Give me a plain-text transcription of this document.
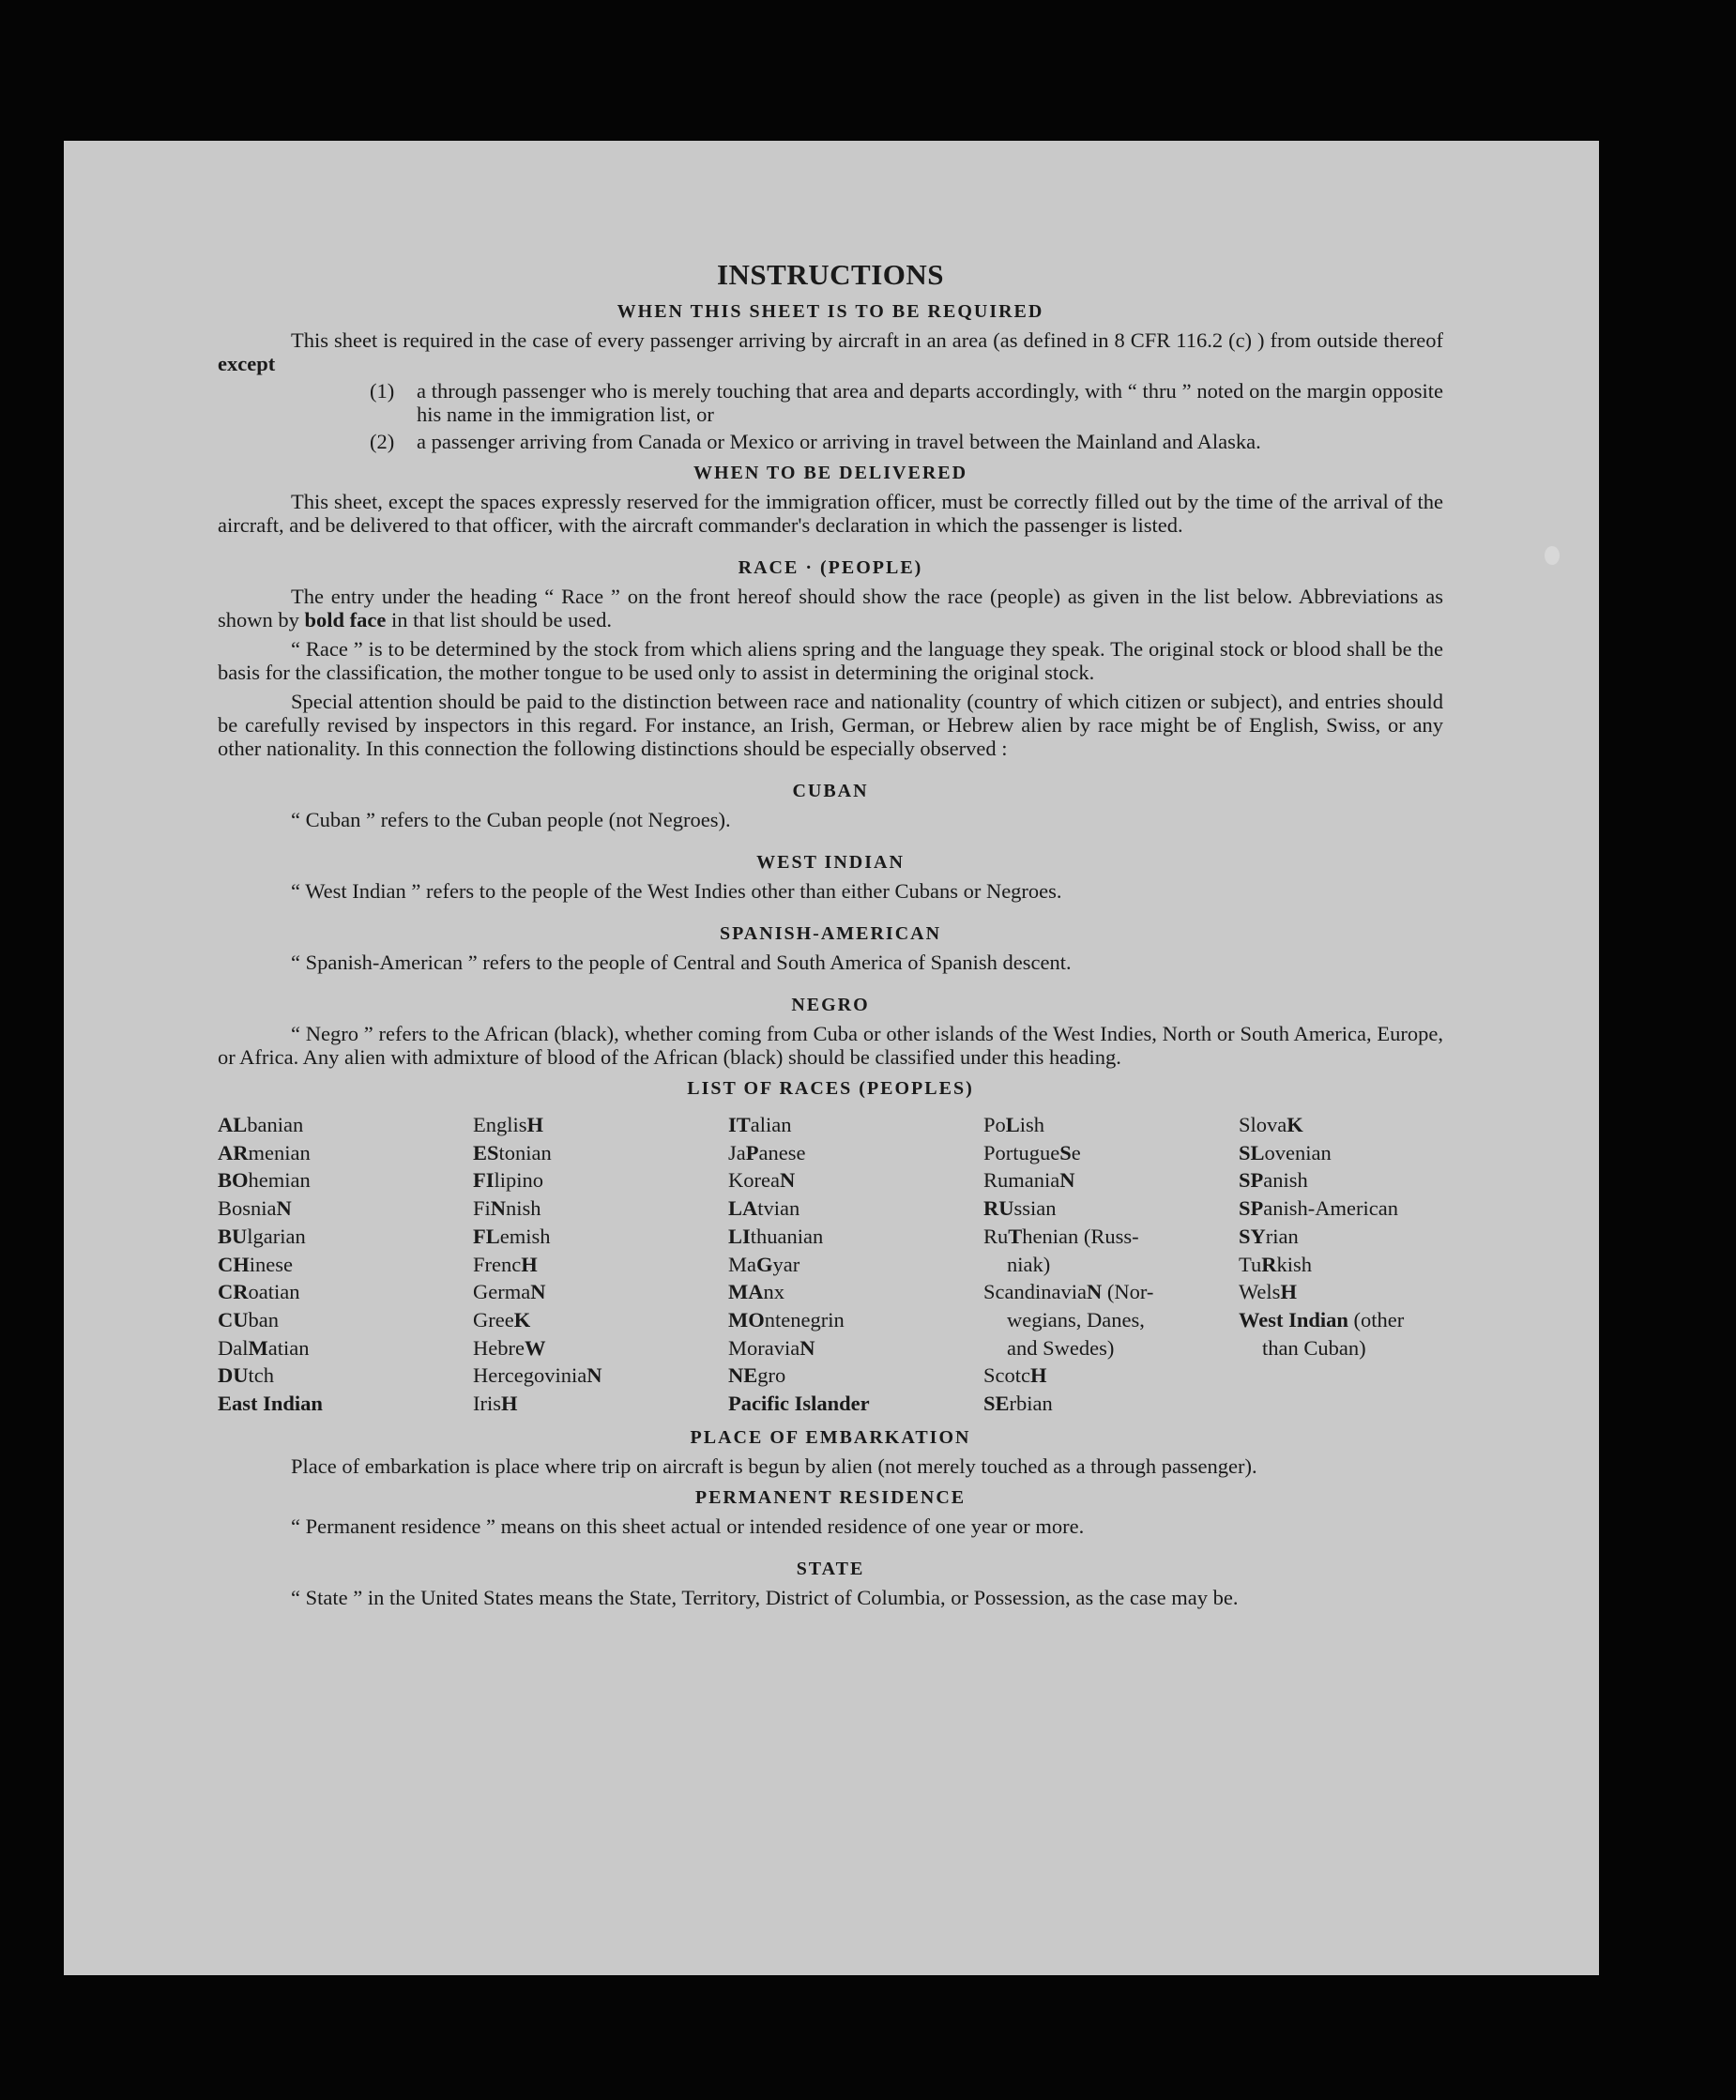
INSTRUCTIONS
WHEN THIS SHEET IS TO BE REQUIRED

This sheet is required in the case of every passenger arriving by aircraft in an area (as defined in 8 CFR 116.2 (c) ) from outside thereof except

(1)	a through passenger who is merely touching that area and departs accordingly, with “ thru ” noted on the margin opposite his name in the immigration list, or
(2)	a passenger arriving from Canada or Mexico or arriving in travel between the Mainland and Alaska.
WHEN TO BE DELIVERED

This sheet, except the spaces expressly reserved for the immigration officer, must be correctly filled out by the time of the arrival of the aircraft, and be delivered to that officer, with the aircraft commander's declaration in which the passenger is listed.

RACE · (PEOPLE)

The entry under the heading “ Race ” on the front hereof should show the race (people) as given in the list below. Abbreviations as shown by bold face in that list should be used.

“ Race ” is to be determined by the stock from which aliens spring and the language they speak. The original stock or blood shall be the basis for the classification, the mother tongue to be used only to assist in determining the original stock.

Special attention should be paid to the distinction between race and nationality (country of which citizen or subject), and entries should be carefully revised by inspectors in this regard. For instance, an Irish, German, or Hebrew alien by race might be of English, Swiss, or any other nationality. In this connection the following distinctions should be especially observed :

CUBAN

“ Cuban ” refers to the Cuban people (not Negroes).

WEST INDIAN

“ West Indian ” refers to the people of the West Indies other than either Cubans or Negroes.

SPANISH-AMERICAN

“ Spanish-American ” refers to the people of Central and South America of Spanish descent.

NEGRO

“ Negro ” refers to the African (black), whether coming from Cuba or other islands of the West Indies, North or South America, Europe, or Africa. Any alien with admixture of blood of the African (black) should be classified under this heading.

LIST OF RACES (PEOPLES)
ALbanian
ARmenian
BOhemian
BosniaN
BUlgarian
CHinese
CRoatian
CUban
DalMatian
DUtch
East Indian
EnglisH
EStonian
FIlipino
FiNnish
FLemish
FrencH
GermaN
GreeK
HebreW
HercegoviniaN
IrisH
ITalian
JaPanese
KoreaN
LAtvian
LIthuanian
MaGyar
MAnx
MOntenegrin
MoraviaN
NEgro
Pacific Islander
PoLish
PortugueSe
RumaniaN
RUssian
RuThenian (Russ-
niak)
ScandinaviaN (Nor-
wegians, Danes,
and Swedes)
ScotcH
SErbian
SlovaK
SLovenian
SPanish
SPanish-American
SYrian
TuRkish
WelsH
West Indian (other
than Cuban)
PLACE OF EMBARKATION

Place of embarkation is place where trip on aircraft is begun by alien (not merely touched as a through passenger).

PERMANENT RESIDENCE

“ Permanent residence ” means on this sheet actual or intended residence of one year or more.

STATE

“ State ” in the United States means the State, Territory, District of Columbia, or Possession, as the case may be.
